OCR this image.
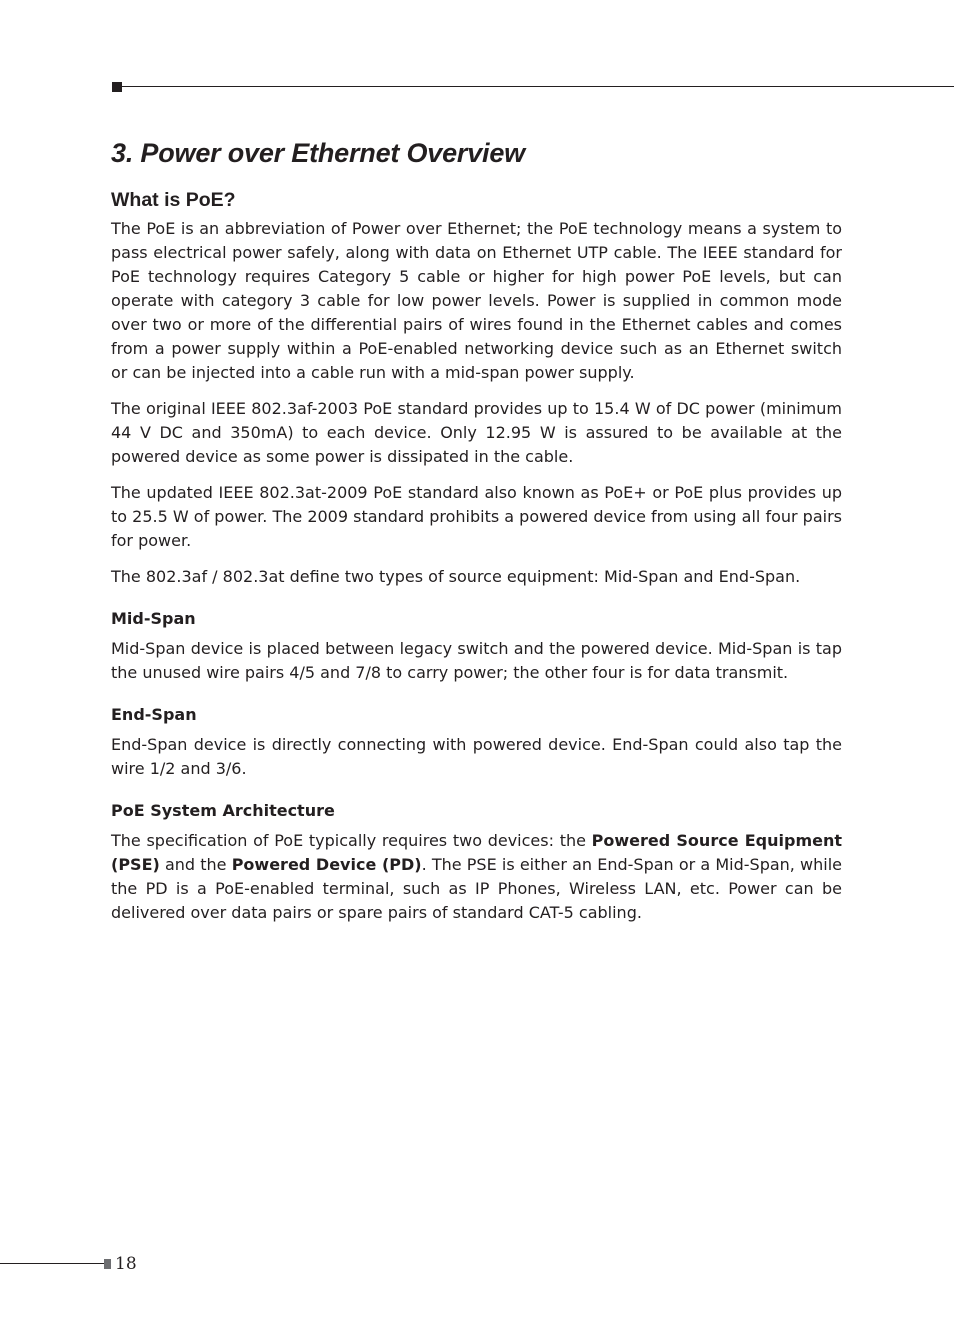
3. Power over Ethernet Overview
What is PoE?

The PoE is an abbreviation of Power over Ethernet; the PoE technology means a system to pass electrical power safely, along with data on Ethernet UTP cable. The IEEE standard for PoE technology requires Category 5 cable or higher for high power PoE levels, but can operate with category 3 cable for low power levels. Power is supplied in common mode over two or more of the differential pairs of wires found in the Ethernet cables and comes from a power supply within a PoE-enabled networking device such as an Ethernet switch or can be injected into a cable run with a mid-span power supply.

The original IEEE 802.3af-2003 PoE standard provides up to 15.4 W of DC power (minimum 44 V DC and 350mA) to each device. Only 12.95 W is assured to be available at the powered device as some power is dissipated in the cable.

The updated IEEE 802.3at-2009 PoE standard also known as PoE+ or PoE plus provides up to 25.5 W of power. The 2009 standard prohibits a powered device from using all four pairs for power.

The 802.3af / 802.3at define two types of source equipment: Mid-Span and End-Span.

Mid-Span

Mid-Span device is placed between legacy switch and the powered device. Mid-Span is tap the unused wire pairs 4/5 and 7/8 to carry power; the other four is for data transmit.

End-Span

End-Span device is directly connecting with powered device. End-Span could also tap the wire 1/2 and 3/6.

PoE System Architecture

The specification of PoE typically requires two devices: the Powered Source Equipment (PSE) and the Powered Device (PD). The PSE is either an End-Span or a Mid-Span, while the PD is a PoE-enabled terminal, such as IP Phones, Wireless LAN, etc. Power can be delivered over data pairs or spare pairs of standard CAT-5 cabling.

18
